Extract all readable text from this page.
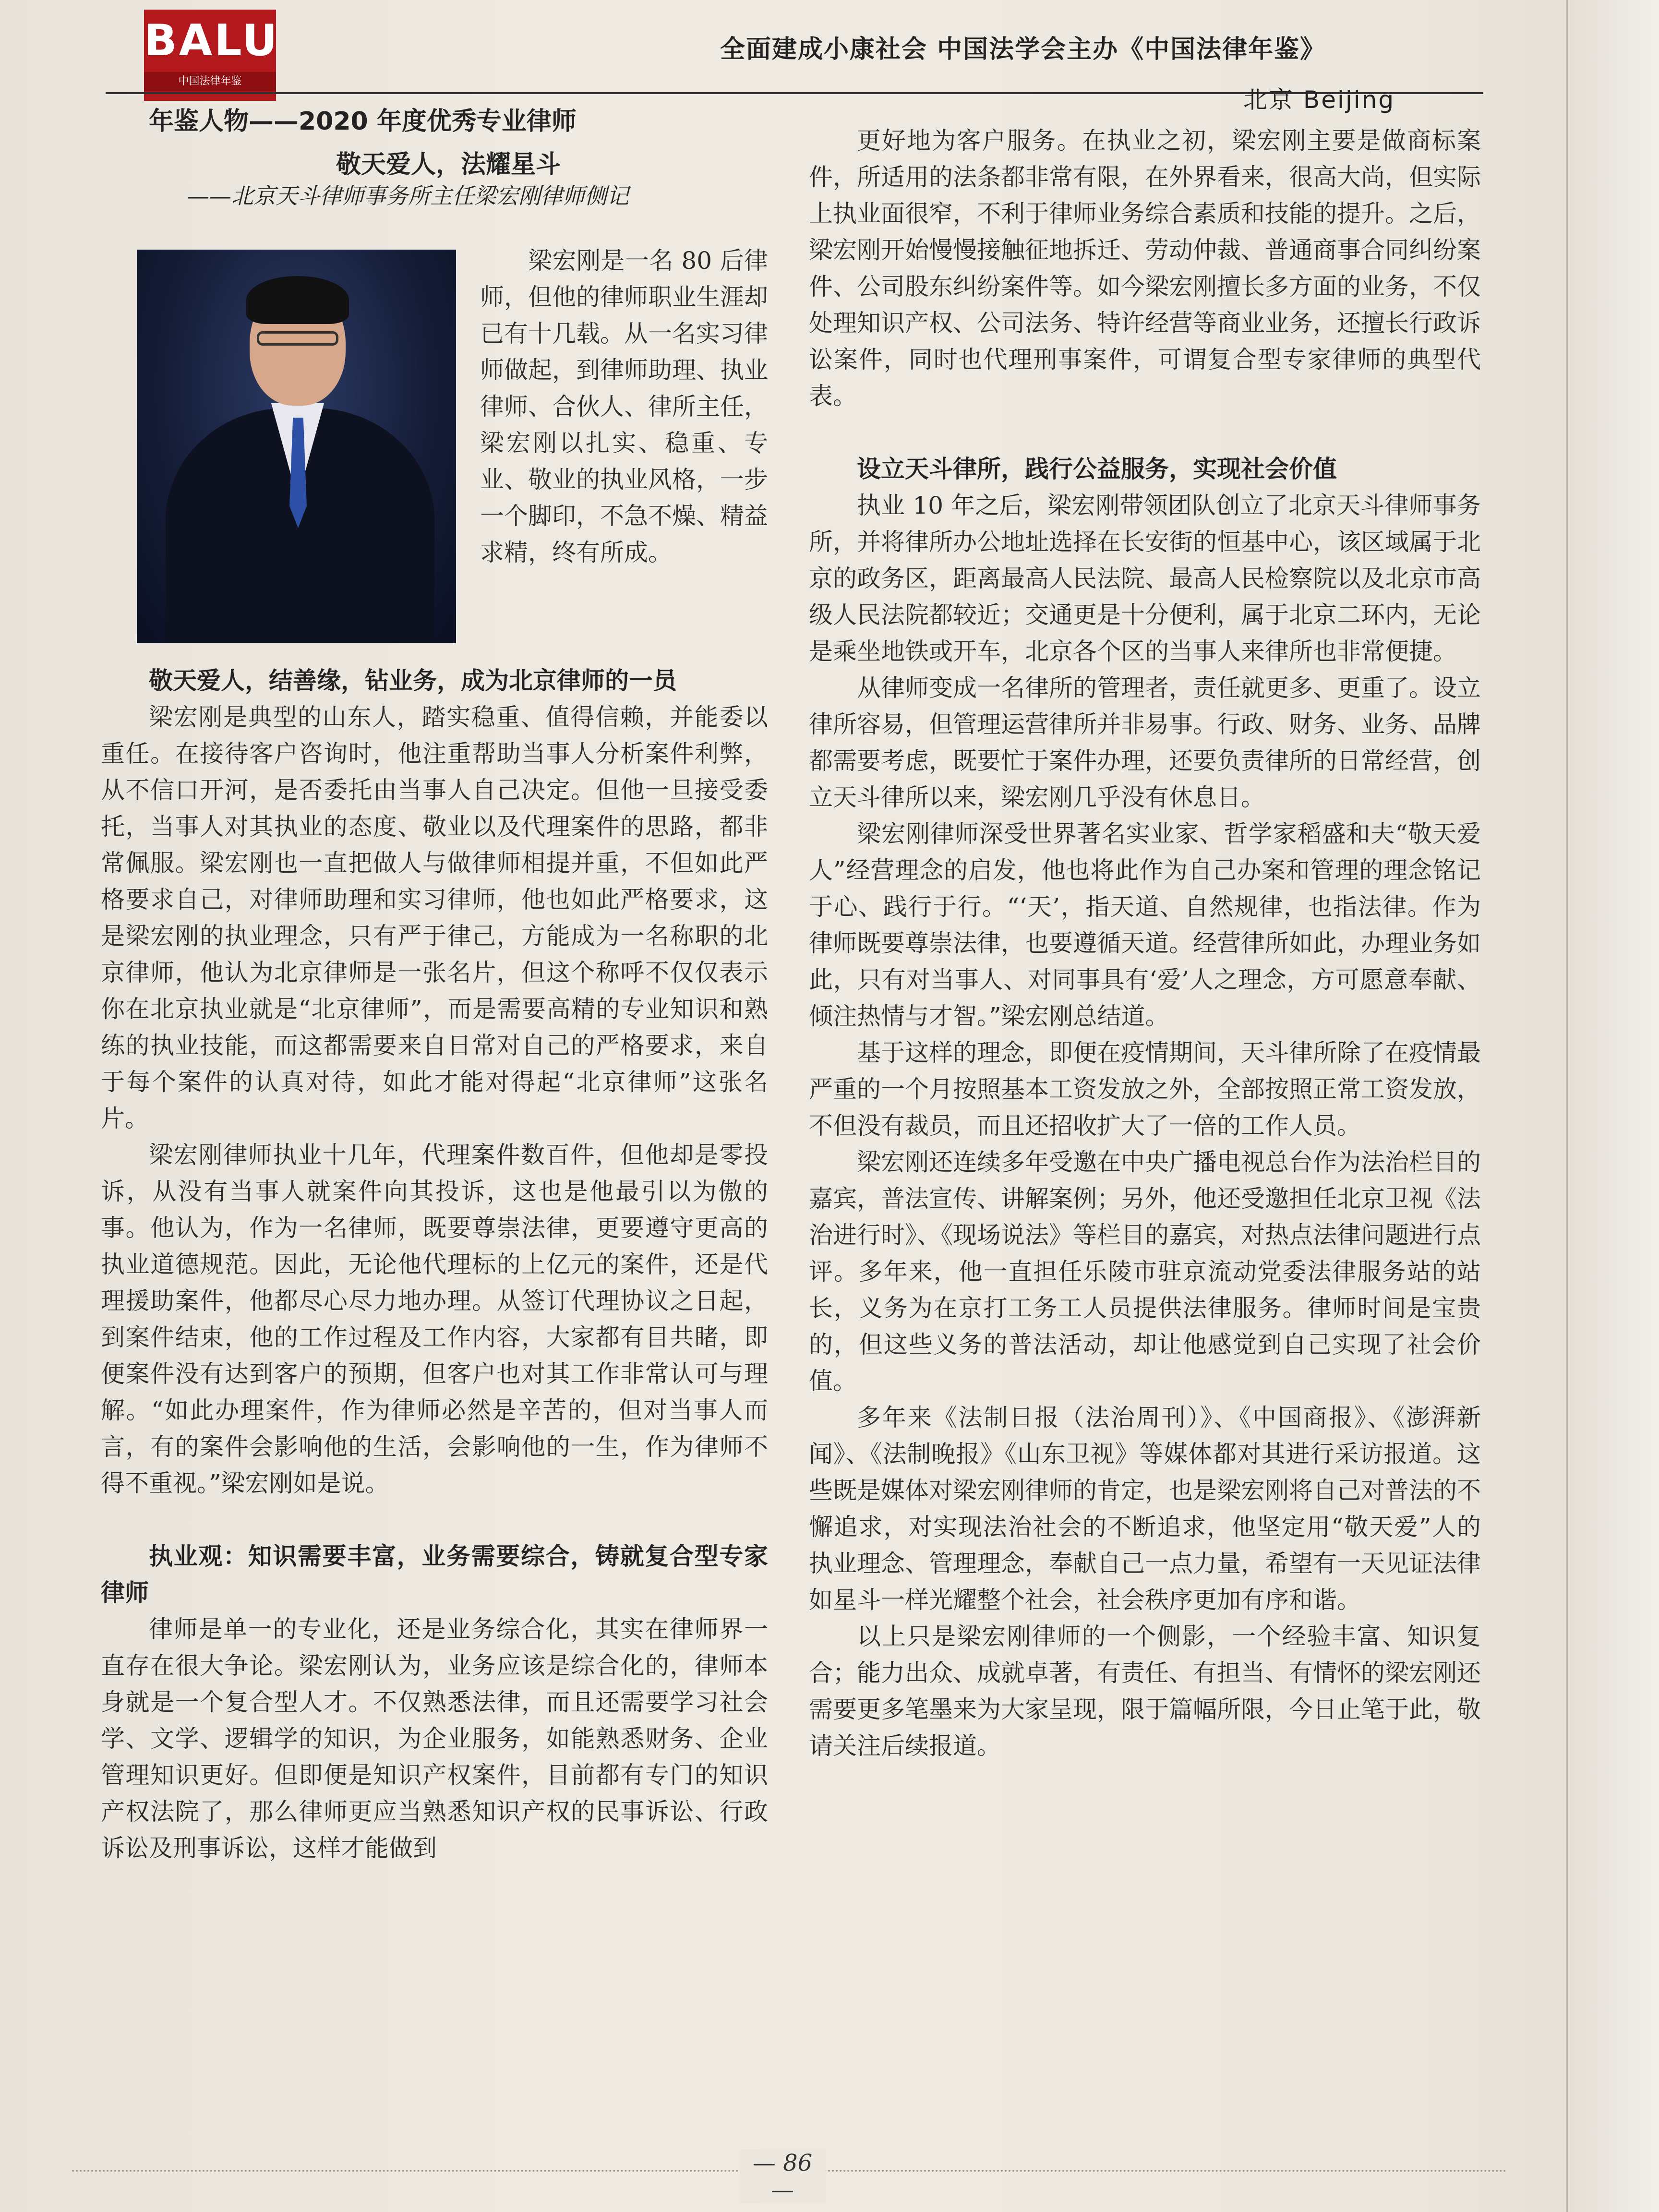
BALU
中国法律年鉴
全面建成小康社会 中国法学会主办《中国法律年鉴》
北京 Beijing
年鉴人物——2020 年度优秀专业律师
敬天爱人，法耀星斗
——北京天斗律师事务所主任梁宏刚律师侧记

梁宏刚是一名 80 后律师，但他的律师职业生涯却已有十几载。从一名实习律师做起，到律师助理、执业律师、合伙人、律所主任，梁宏刚以扎实、稳重、专业、敬业的执业风格，一步一个脚印，不急不燥、精益求精，终有所成。

敬天爱人，结善缘，钻业务，成为北京律师的一员

梁宏刚是典型的山东人，踏实稳重、值得信赖，并能委以重任。在接待客户咨询时，他注重帮助当事人分析案件利弊，从不信口开河，是否委托由当事人自己决定。但他一旦接受委托，当事人对其执业的态度、敬业以及代理案件的思路，都非常佩服。梁宏刚也一直把做人与做律师相提并重，不但如此严格要求自己，对律师助理和实习律师，他也如此严格要求，这是梁宏刚的执业理念，只有严于律己，方能成为一名称职的北京律师，他认为北京律师是一张名片，但这个称呼不仅仅表示你在北京执业就是“北京律师”，而是需要高精的专业知识和熟练的执业技能，而这都需要来自日常对自己的严格要求，来自于每个案件的认真对待，如此才能对得起“北京律师”这张名片。

梁宏刚律师执业十几年，代理案件数百件，但他却是零投诉，从没有当事人就案件向其投诉，这也是他最引以为傲的事。他认为，作为一名律师，既要尊崇法律，更要遵守更高的执业道德规范。因此，无论他代理标的上亿元的案件，还是代理援助案件，他都尽心尽力地办理。从签订代理协议之日起，到案件结束，他的工作过程及工作内容，大家都有目共睹，即便案件没有达到客户的预期，但客户也对其工作非常认可与理解。“如此办理案件，作为律师必然是辛苦的，但对当事人而言，有的案件会影响他的生活，会影响他的一生，作为律师不得不重视。”梁宏刚如是说。

执业观：知识需要丰富，业务需要综合，铸就复合型专家律师

律师是单一的专业化，还是业务综合化，其实在律师界一直存在很大争论。梁宏刚认为，业务应该是综合化的，律师本身就是一个复合型人才。不仅熟悉法律，而且还需要学习社会学、文学、逻辑学的知识，为企业服务，如能熟悉财务、企业管理知识更好。但即便是知识产权案件，目前都有专门的知识产权法院了，那么律师更应当熟悉知识产权的民事诉讼、行政诉讼及刑事诉讼，这样才能做到

更好地为客户服务。在执业之初，梁宏刚主要是做商标案件，所适用的法条都非常有限，在外界看来，很高大尚，但实际上执业面很窄，不利于律师业务综合素质和技能的提升。之后，梁宏刚开始慢慢接触征地拆迁、劳动仲裁、普通商事合同纠纷案件、公司股东纠纷案件等。如今梁宏刚擅长多方面的业务，不仅处理知识产权、公司法务、特许经营等商业业务，还擅长行政诉讼案件，同时也代理刑事案件，可谓复合型专家律师的典型代表。

设立天斗律所，践行公益服务，实现社会价值

执业 10 年之后，梁宏刚带领团队创立了北京天斗律师事务所，并将律所办公地址选择在长安街的恒基中心，该区域属于北京的政务区，距离最高人民法院、最高人民检察院以及北京市高级人民法院都较近；交通更是十分便利，属于北京二环内，无论是乘坐地铁或开车，北京各个区的当事人来律所也非常便捷。

从律师变成一名律所的管理者，责任就更多、更重了。设立律所容易，但管理运营律所并非易事。行政、财务、业务、品牌都需要考虑，既要忙于案件办理，还要负责律所的日常经营，创立天斗律所以来，梁宏刚几乎没有休息日。

梁宏刚律师深受世界著名实业家、哲学家稻盛和夫“敬天爱人”经营理念的启发，他也将此作为自己办案和管理的理念铭记于心、践行于行。“‘天’，指天道、自然规律，也指法律。作为律师既要尊崇法律，也要遵循天道。经营律所如此，办理业务如此，只有对当事人、对同事具有‘爱’人之理念，方可愿意奉献、倾注热情与才智。”梁宏刚总结道。

基于这样的理念，即便在疫情期间，天斗律所除了在疫情最严重的一个月按照基本工资发放之外，全部按照正常工资发放，不但没有裁员，而且还招收扩大了一倍的工作人员。

梁宏刚还连续多年受邀在中央广播电视总台作为法治栏目的嘉宾，普法宣传、讲解案例；另外，他还受邀担任北京卫视《法治进行时》、《现场说法》等栏目的嘉宾，对热点法律问题进行点评。多年来，他一直担任乐陵市驻京流动党委法律服务站的站长，义务为在京打工务工人员提供法律服务。律师时间是宝贵的，但这些义务的普法活动，却让他感觉到自己实现了社会价值。

多年来《法制日报（法治周刊）》、《中国商报》、《澎湃新闻》、《法制晚报》《山东卫视》等媒体都对其进行采访报道。这些既是媒体对梁宏刚律师的肯定，也是梁宏刚将自己对普法的不懈追求，对实现法治社会的不断追求，他坚定用“敬天爱”人的执业理念、管理理念，奉献自己一点力量，希望有一天见证法律如星斗一样光耀整个社会，社会秩序更加有序和谐。

以上只是梁宏刚律师的一个侧影，一个经验丰富、知识复合；能力出众、成就卓著，有责任、有担当、有情怀的梁宏刚还需要更多笔墨来为大家呈现，限于篇幅所限，今日止笔于此，敬请关注后续报道。

— 86 —
